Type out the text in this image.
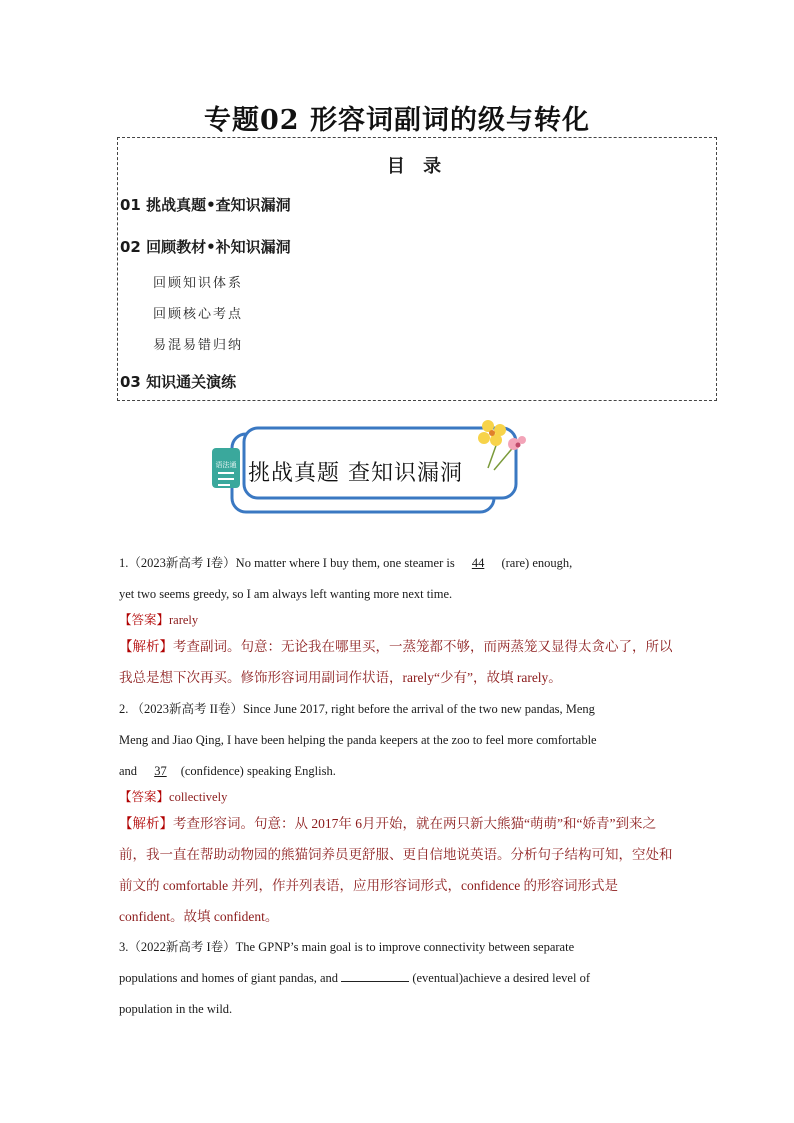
专题02 形容词副词的级与转化
目 录
01 挑战真题•查知识漏洞
02 回顾教材•补知识漏洞
回顾知识体系
回顾核心考点
易混易错归纳
03 知识通关演练
语法通 挑战真题 查知识漏洞
1.（2023新高考 I卷）No matter where I buy them, one steamer is 44 (rare) enough,
yet two seems greedy, so I am always left wanting more next time.
【答案】rarely
【解析】考查副词。句意：无论我在哪里买，一蒸笼都不够，而两蒸笼又显得太贪心了，所以我总是想下次再买。修饰形容词用副词作状语，rarely“少有”，故填 rarely。
2. （2023新高考 II卷）Since June 2017, right before the arrival of the two new pandas, Meng
Meng and Jiao Qing, I have been helping the panda keepers at the zoo to feel more comfortable
and 37 (confidence) speaking English.
【答案】collectively
【解析】考查形容词。句意：从 2017年 6月开始，就在两只新大熊猫“萌萌”和“娇青”到来之前，我一直在帮助动物园的熊猫饲养员更舒服、更自信地说英语。分析句子结构可知，空处和前文的 comfortable 并列，作并列表语，应用形容词形式，confidence 的形容词形式是 confident。故填 confident。
3.（2022新高考 I卷）The GPNP’s main goal is to improve connectivity between separate
populations and homes of giant pandas, and	(eventual)achieve a desired level of
population in the wild.
